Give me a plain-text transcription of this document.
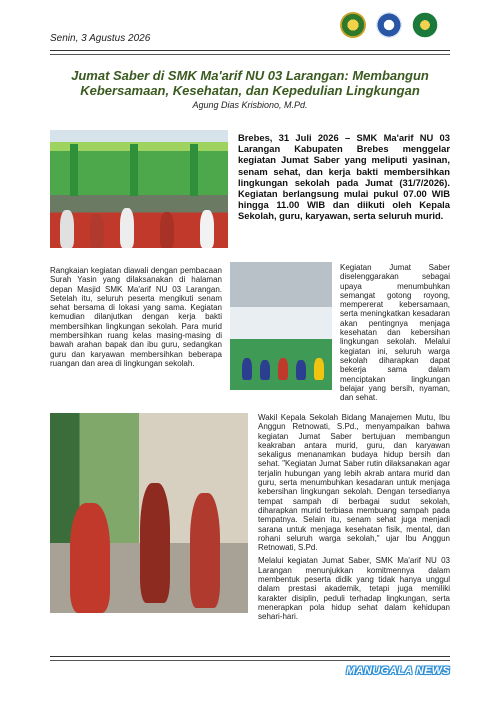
Senin, 3 Agustus 2026
Jumat Saber di SMK Ma'arif NU 03 Larangan: Membangun
Kebersamaan, Kesehatan, dan Kepedulian Lingkungan
Agung Dias Krisbiono, M.Pd.
Brebes, 31 Juli 2026 – SMK Ma'arif NU 03 Larangan Kabupaten Brebes menggelar kegiatan Jumat Saber yang meliputi yasinan, senam sehat, dan kerja bakti membersihkan lingkungan sekolah pada Jumat (31/7/2026). Kegiatan berlangsung mulai pukul 07.00 WIB hingga 11.00 WIB dan diikuti oleh Kepala Sekolah, guru, karyawan, serta seluruh murid.
Rangkaian kegiatan diawali dengan pembacaan Surah Yasin yang dilaksanakan di halaman depan Masjid SMK Ma'arif NU 03 Larangan. Setelah itu, seluruh peserta mengikuti senam sehat bersama di lokasi yang sama. Kegiatan kemudian dilanjutkan dengan kerja bakti membersihkan lingkungan sekolah. Para murid membersihkan ruang kelas masing-masing di bawah arahan bapak dan ibu guru, sedangkan guru dan karyawan membersihkan beberapa ruangan dan area di lingkungan sekolah.
Kegiatan Jumat Saber diselenggarakan sebagai upaya menumbuhkan semangat gotong royong, mempererat kebersamaan, serta meningkatkan kesadaran akan pentingnya menjaga kesehatan dan kebersihan lingkungan sekolah. Melalui kegiatan ini, seluruh warga sekolah diharapkan dapat bekerja sama dalam menciptakan lingkungan belajar yang bersih, nyaman, dan sehat.
Wakil Kepala Sekolah Bidang Manajemen Mutu, Ibu Anggun Retnowati, S.Pd., menyampaikan bahwa kegiatan Jumat Saber bertujuan membangun keakraban antara murid, guru, dan karyawan sekaligus menanamkan budaya hidup bersih dan sehat. "Kegiatan Jumat Saber rutin dilaksanakan agar terjalin hubungan yang lebih akrab antara murid dan guru, serta menumbuhkan kesadaran untuk menjaga kebersihan lingkungan sekolah. Dengan tersedianya tempat sampah di berbagai sudut sekolah, diharapkan murid terbiasa membuang sampah pada tempatnya. Selain itu, senam sehat juga menjadi sarana untuk menjaga kesehatan fisik, mental, dan rohani seluruh warga sekolah," ujar Ibu Anggun Retnowati, S.Pd.
Melalui kegiatan Jumat Saber, SMK Ma'arif NU 03 Larangan menunjukkan komitmennya dalam membentuk peserta didik yang tidak hanya unggul dalam prestasi akademik, tetapi juga memiliki karakter disiplin, peduli terhadap lingkungan, serta menerapkan pola hidup sehat dalam kehidupan sehari-hari.
MANUGALA NEWS
